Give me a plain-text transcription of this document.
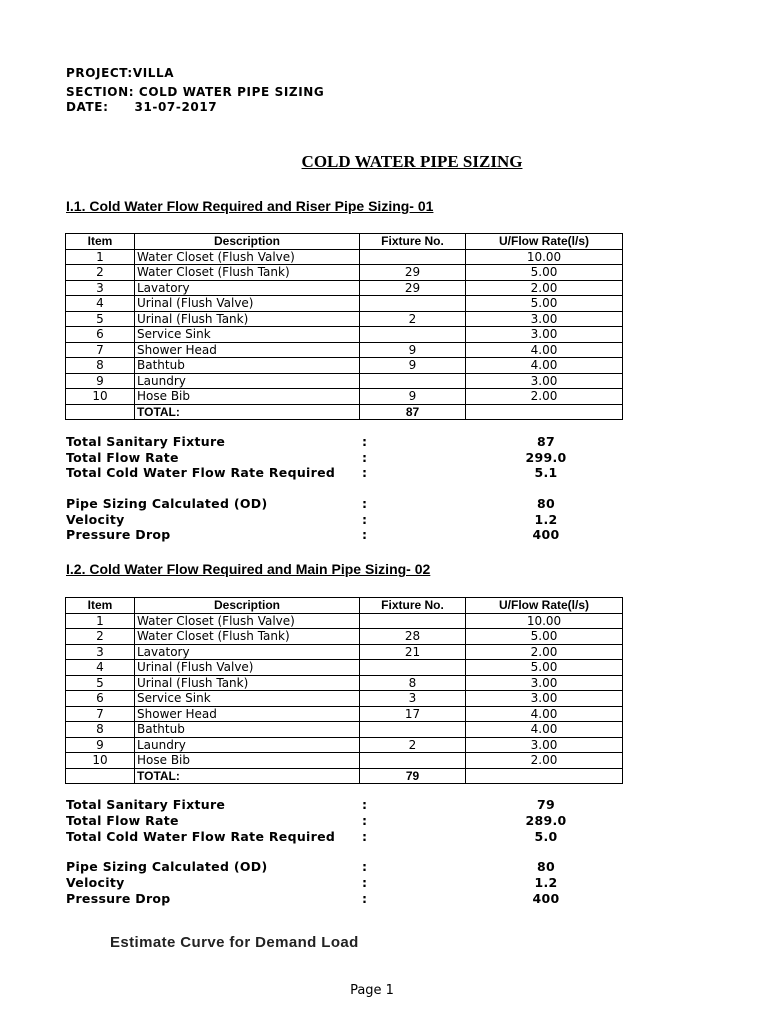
PROJECT:VILLA
SECTION: COLD WATER PIPE SIZING
DATE: 31-07-2017
COLD WATER PIPE SIZING
I.1. Cold Water Flow Required and Riser Pipe Sizing- 01
Item	Description	Fixture No.	U/Flow Rate(l/s)
1	Water Closet (Flush Valve)		10.00
2	Water Closet (Flush Tank)	29	5.00
3	Lavatory	29	2.00
4	Urinal (Flush Valve)		5.00
5	Urinal (Flush Tank)	2	3.00
6	Service Sink		3.00
7	Shower Head	9	4.00
8	Bathtub	9	4.00
9	Laundry		3.00
10	Hose Bib	9	2.00
	TOTAL:	87	
Total Sanitary Fixture	:	87
Total Flow Rate	:	299.0
Total Cold Water Flow Rate Required :	5.1
Pipe Sizing Calculated (OD)	:	80
Velocity	:	1.2
Pressure Drop	:	400
I.2. Cold Water Flow Required and Main Pipe Sizing- 02
Item	Description	Fixture No.	U/Flow Rate(l/s)
1	Water Closet (Flush Valve)		10.00
2	Water Closet (Flush Tank)	28	5.00
3	Lavatory	21	2.00
4	Urinal (Flush Valve)		5.00
5	Urinal (Flush Tank)	8	3.00
6	Service Sink	3	3.00
7	Shower Head	17	4.00
8	Bathtub		4.00
9	Laundry	2	3.00
10	Hose Bib		2.00
	TOTAL:	79	
Total Sanitary Fixture	:	79
Total Flow Rate	:	289.0
Total Cold Water Flow Rate Required :	5.0
Pipe Sizing Calculated (OD)	:	80
Velocity	:	1.2
Pressure Drop	:	400
Estimate Curve for Demand Load
Page 1
